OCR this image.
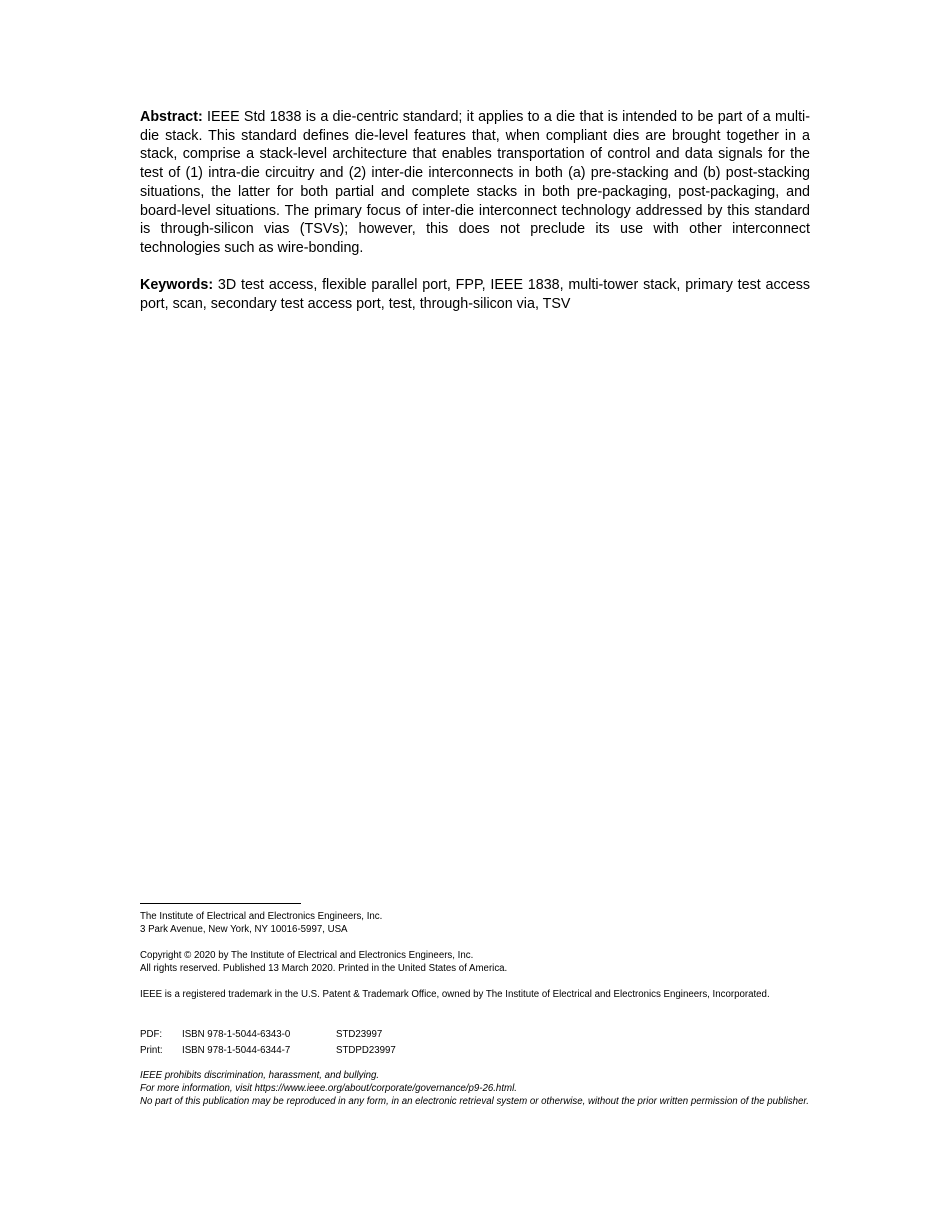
Abstract: IEEE Std 1838 is a die-centric standard; it applies to a die that is intended to be part of a multi-die stack. This standard defines die-level features that, when compliant dies are brought together in a stack, comprise a stack-level architecture that enables transportation of control and data signals for the test of (1) intra-die circuitry and (2) inter-die interconnects in both (a) pre-stacking and (b) post-stacking situations, the latter for both partial and complete stacks in both pre-packaging, post-packaging, and board-level situations. The primary focus of inter-die interconnect technology addressed by this standard is through-silicon vias (TSVs); however, this does not preclude its use with other interconnect technologies such as wire-bonding.

Keywords: 3D test access, flexible parallel port, FPP, IEEE 1838, multi-tower stack, primary test access port, scan, secondary test access port, test, through-silicon via, TSV

The Institute of Electrical and Electronics Engineers, Inc.
3 Park Avenue, New York, NY 10016-5997, USA

Copyright © 2020 by The Institute of Electrical and Electronics Engineers, Inc.
All rights reserved. Published 13 March 2020. Printed in the United States of America.

IEEE is a registered trademark in the U.S. Patent & Trademark Office, owned by The Institute of Electrical and Electronics Engineers, Incorporated.

PDF:	ISBN 978-1-5044-6343-0	STD23997
Print:	ISBN 978-1-5044-6344-7	STDPD23997

IEEE prohibits discrimination, harassment, and bullying.
For more information, visit https://www.ieee.org/about/corporate/governance/p9-26.html.
No part of this publication may be reproduced in any form, in an electronic retrieval system or otherwise, without the prior written permission of the publisher.
